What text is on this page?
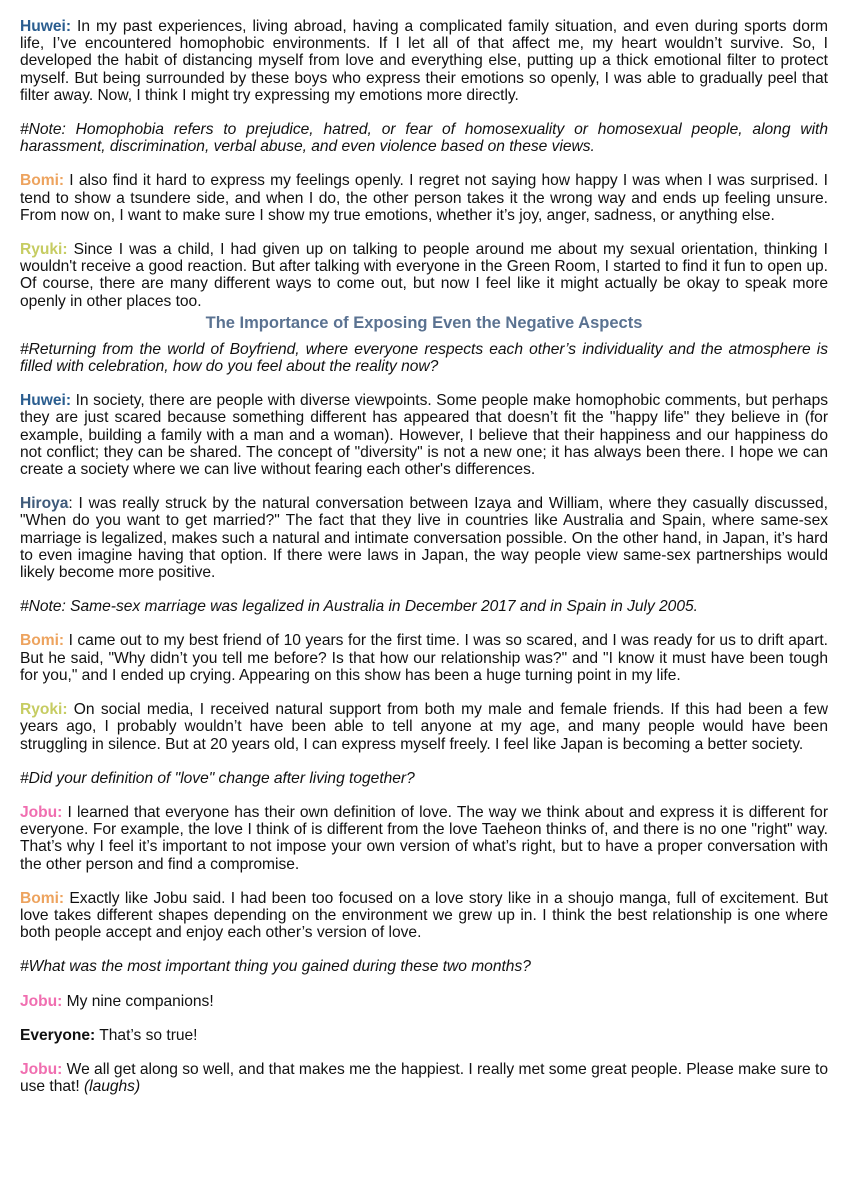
Huwei: In my past experiences, living abroad, having a complicated family situation, and even during sports dorm life, I’ve encountered homophobic environments. If I let all of that affect me, my heart wouldn’t survive. So, I developed the habit of distancing myself from love and everything else, putting up a thick emotional filter to protect myself. But being surrounded by these boys who express their emotions so openly, I was able to gradually peel that filter away. Now, I think I might try expressing my emotions more directly.

#Note: Homophobia refers to prejudice, hatred, or fear of homosexuality or homosexual people, along with harassment, discrimination, verbal abuse, and even violence based on these views.

Bomi: I also find it hard to express my feelings openly. I regret not saying how happy I was when I was surprised. I tend to show a tsundere side, and when I do, the other person takes it the wrong way and ends up feeling unsure. From now on, I want to make sure I show my true emotions, whether it’s joy, anger, sadness, or anything else.

Ryuki: Since I was a child, I had given up on talking to people around me about my sexual orientation, thinking I wouldn't receive a good reaction. But after talking with everyone in the Green Room, I started to find it fun to open up. Of course, there are many different ways to come out, but now I feel like it might actually be okay to speak more openly in other places too.

The Importance of Exposing Even the Negative Aspects

#Returning from the world of Boyfriend, where everyone respects each other’s individuality and the atmosphere is filled with celebration, how do you feel about the reality now?

Huwei: In society, there are people with diverse viewpoints. Some people make homophobic comments, but perhaps they are just scared because something different has appeared that doesn’t fit the "happy life" they believe in (for example, building a family with a man and a woman). However, I believe that their happiness and our happiness do not conflict; they can be shared. The concept of "diversity" is not a new one; it has always been there. I hope we can create a society where we can live without fearing each other's differences.

Hiroya: I was really struck by the natural conversation between Izaya and William, where they casually discussed, "When do you want to get married?" The fact that they live in countries like Australia and Spain, where same-sex marriage is legalized, makes such a natural and intimate conversation possible. On the other hand, in Japan, it’s hard to even imagine having that option. If there were laws in Japan, the way people view same-sex partnerships would likely become more positive.

#Note: Same-sex marriage was legalized in Australia in December 2017 and in Spain in July 2005.

Bomi: I came out to my best friend of 10 years for the first time. I was so scared, and I was ready for us to drift apart. But he said, "Why didn’t you tell me before? Is that how our relationship was?" and "I know it must have been tough for you," and I ended up crying. Appearing on this show has been a huge turning point in my life.

Ryoki: On social media, I received natural support from both my male and female friends. If this had been a few years ago, I probably wouldn’t have been able to tell anyone at my age, and many people would have been struggling in silence. But at 20 years old, I can express myself freely. I feel like Japan is becoming a better society.

#Did your definition of "love" change after living together?

Jobu: I learned that everyone has their own definition of love. The way we think about and express it is different for everyone. For example, the love I think of is different from the love Taeheon thinks of, and there is no one "right" way. That’s why I feel it’s important to not impose your own version of what’s right, but to have a proper conversation with the other person and find a compromise.

Bomi: Exactly like Jobu said. I had been too focused on a love story like in a shoujo manga, full of excitement. But love takes different shapes depending on the environment we grew up in. I think the best relationship is one where both people accept and enjoy each other’s version of love.

#What was the most important thing you gained during these two months?

Jobu: My nine companions!

Everyone: That’s so true!

Jobu: We all get along so well, and that makes me the happiest. I really met some great people. Please make sure to use that! (laughs)
